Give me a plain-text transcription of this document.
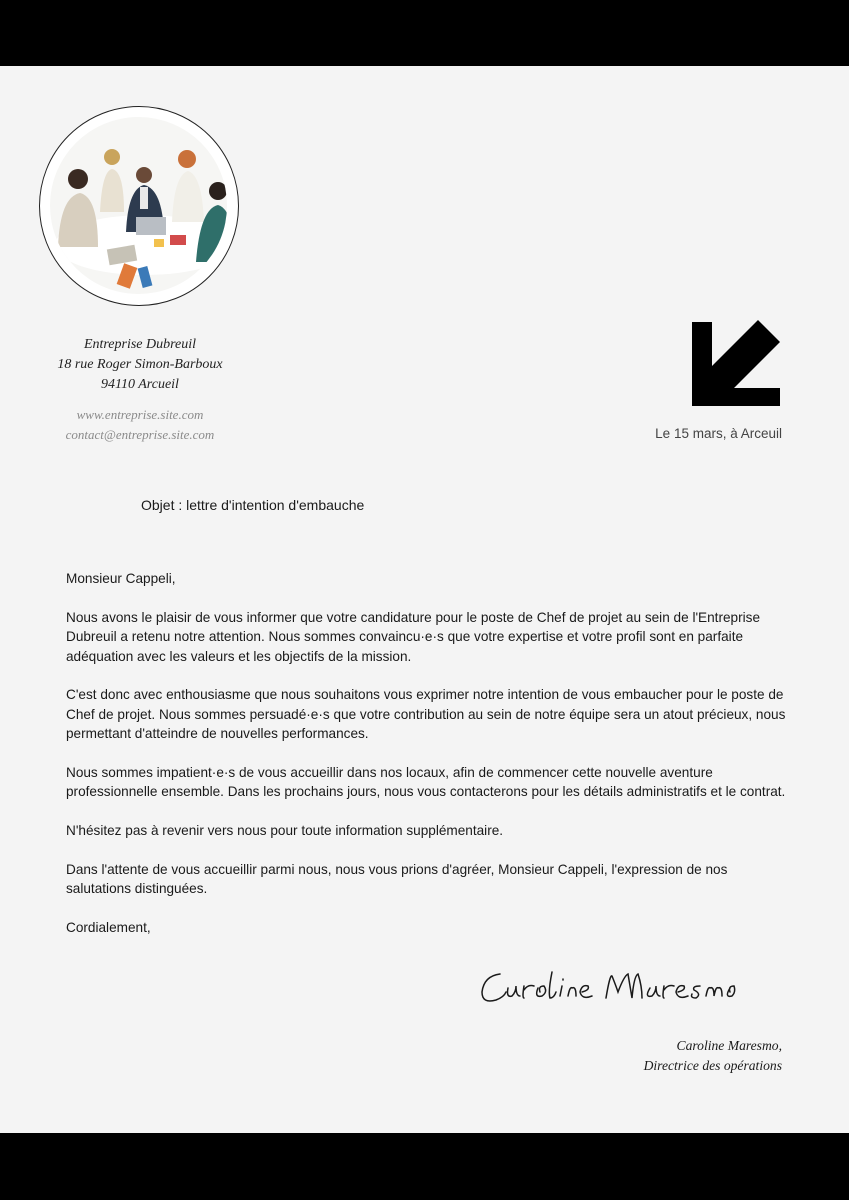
Entreprise Dubreuil
18 rue Roger Simon-Barboux
94110 Arcueil
www.entreprise.site.com
contact@entreprise.site.com	Le 15 mars, à Arceuil
Objet : lettre d'intention d'embauche

Monsieur Cappeli,

Nous avons le plaisir de vous informer que votre candidature pour le poste de Chef de projet au sein de l'Entreprise Dubreuil a retenu notre attention. Nous sommes convaincu·e·s que votre expertise et votre profil sont en parfaite adéquation avec les valeurs et les objectifs de la mission.

C'est donc avec enthousiasme que nous souhaitons vous exprimer notre intention de vous embaucher pour le poste de Chef de projet. Nous sommes persuadé·e·s que votre contribution au sein de notre équipe sera un atout précieux, nous permettant d'atteindre de nouvelles performances.

Nous sommes impatient·e·s de vous accueillir dans nos locaux, afin de commencer cette nouvelle aventure professionnelle ensemble. Dans les prochains jours, nous vous contacterons pour les détails administratifs et le contrat.

N'hésitez pas à revenir vers nous pour toute information supplémentaire.

Dans l'attente de vous accueillir parmi nous, nous vous prions d'agréer, Monsieur Cappeli, l'expression de nos salutations distinguées.

Cordialement,

Caroline Maresmo,
Directrice des opérations
